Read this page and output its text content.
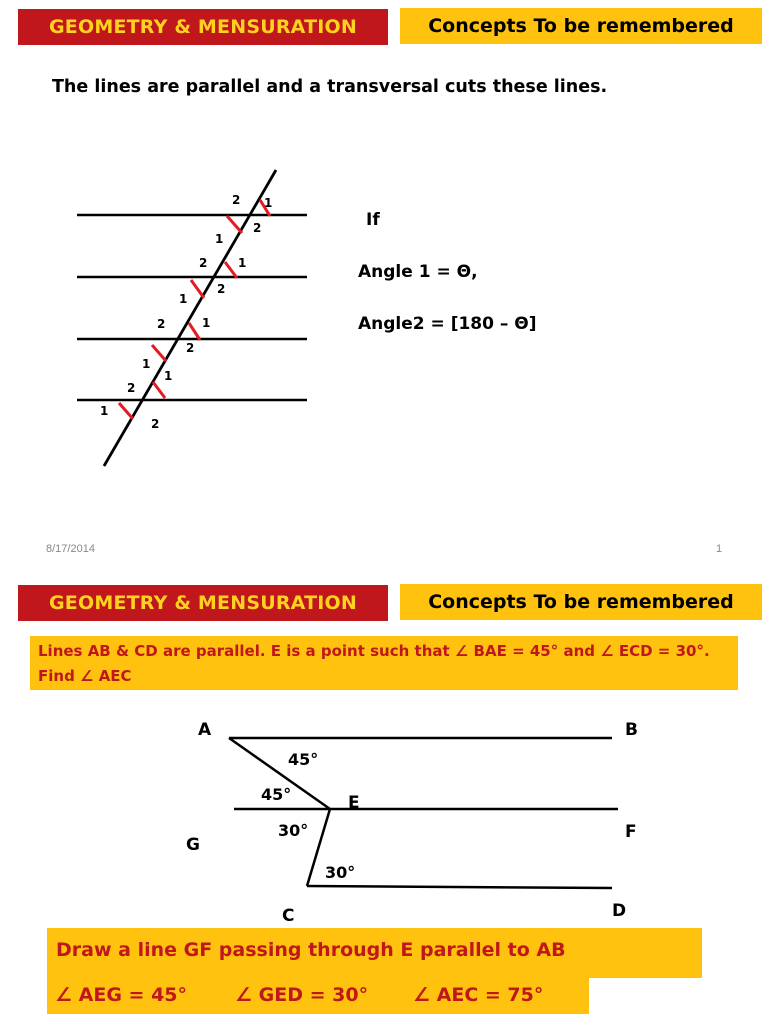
GEOMETRY & MENSURATION	Concepts To be remembered
The lines are parallel and a transversal cuts these lines.
2 1
1
2
2	1
1
2
2	1
1
2
2
1
1
2
If
Angle 1 = Θ,
Angle2 = [180 – Θ]
8/17/2014	1
GEOMETRY & MENSURATION	Concepts To be remembered
Lines AB & CD are parallel. E is a point such that ∠ BAE = 45° and ∠ ECD = 30°. Find ∠ AEC
A	B
E
F
G
C	D
45°
45°
30°
30°
Draw a line GF passing through E parallel to AB
∠ AEG = 45°	∠ GED = 30° ∠ AEC = 75°
